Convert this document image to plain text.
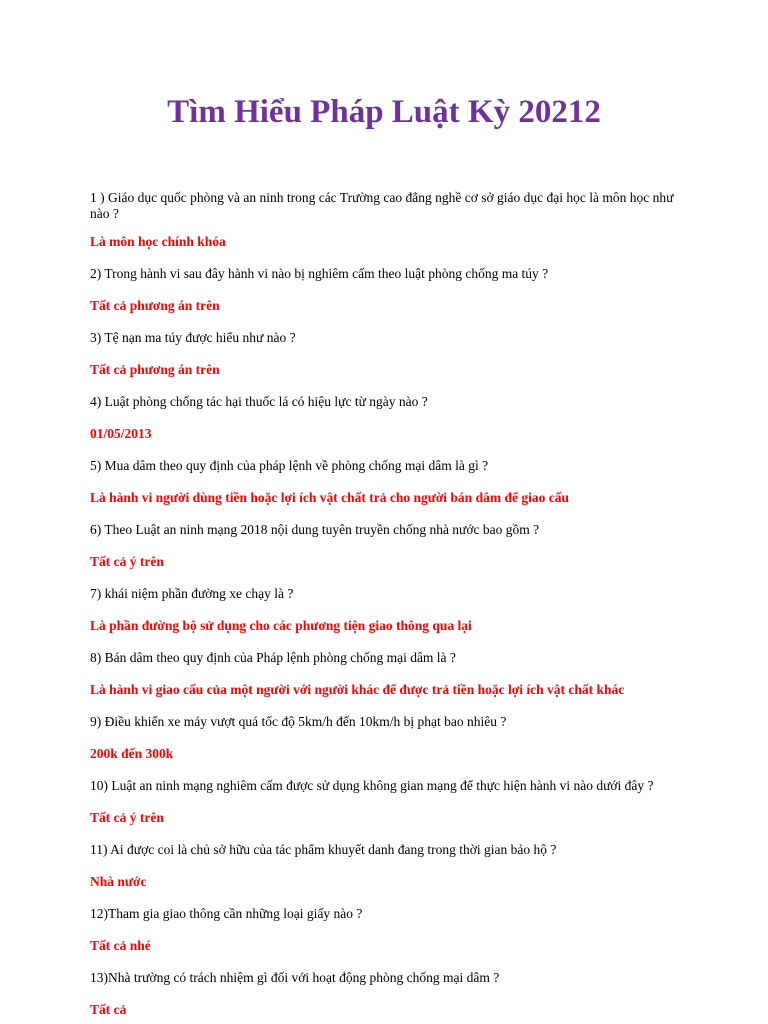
Tìm Hiểu Pháp Luật Kỳ 20212

1 ) Giáo dục quốc phòng và an ninh trong các Trường cao đẳng nghề cơ sở giáo dục đại học là môn học như nào ?

Là môn học chính khóa

2) Trong hành vi sau đây hành vi nào bị nghiêm cấm theo luật phòng chống ma túy ?

Tất cả phương án trên

3) Tệ nạn ma túy được hiểu như nào ?

Tất cả phương án trên

4) Luật phòng chống tác hại thuốc lá có hiệu lực từ ngày nào ?

01/05/2013

5) Mua dâm theo quy định của pháp lệnh về phòng chống mại dâm là gì ?

Là hành vi người dùng tiền hoặc lợi ích vật chất trả cho người bán dâm để giao cấu

6) Theo Luật an ninh mạng 2018 nội dung tuyên truyền chống nhà nước bao gồm ?

Tất cả ý trên

7) khái niệm phần đường xe chạy là ?

Là phần đường bộ sử dụng cho các phương tiện giao thông qua lại

8) Bán dâm theo quy định của Pháp lệnh phòng chống mại dâm là ?

Là hành vi giao cấu của một người với người khác để được trả tiền hoặc lợi ích vật chất khác

9) Điều khiển xe máy vượt quá tốc độ 5km/h đến 10km/h bị phạt bao nhiêu ?

200k đến 300k

10) Luật an ninh mạng nghiêm cấm được sử dụng không gian mạng để thực hiện hành vi nào dưới đây ?

Tất cả ý trên

11) Ai được coi là chủ sở hữu của tác phẩm khuyết danh đang trong thời gian bảo hộ ?

Nhà nước

12)Tham gia giao thông cần những loại giấy nào ?

Tất cả nhé

13)Nhà trường có trách nhiệm gì đối với hoạt động phòng chống mại dâm ?

Tất cả
